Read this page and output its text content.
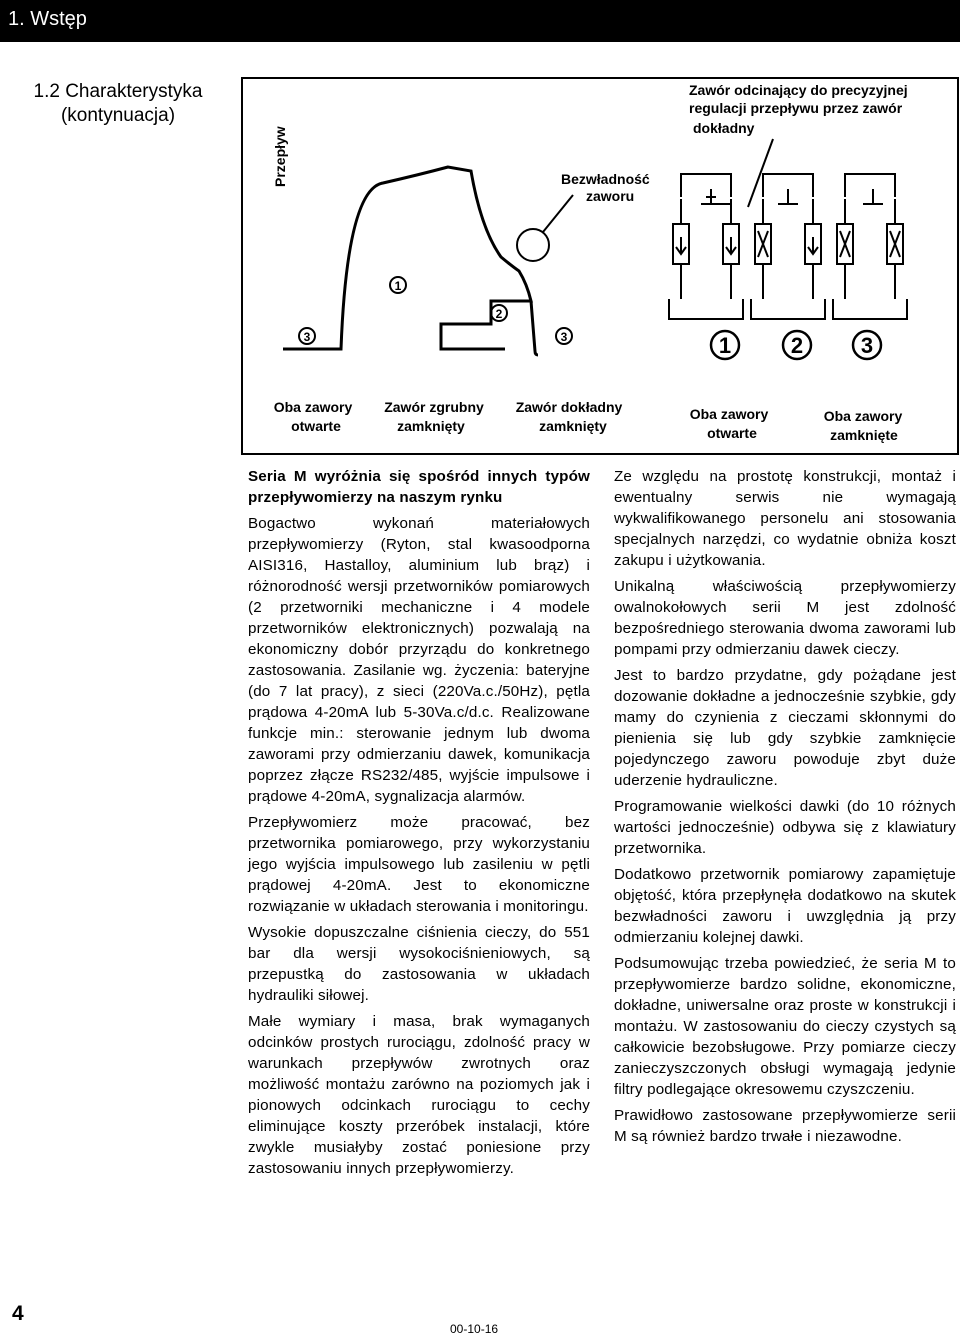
1. Wstęp
1.2 Charakterystyka
(kontynuacja)
Przepływ
1
2
3	3
Bezwładność
zaworu
Zawór odcinający do precyzyjnej
regulacji przepływu przez zawór
dokładny
1	2	3
Oba zawory
otwarte
Zawór zgrubny
zamknięty
Zawór dokładny
zamknięty
Oba zawory
otwarte
Oba zawory
zamknięte

Seria M wyróżnia się spośród innych typów przepływomierzy na naszym rynku

Bogactwo wykonań materiałowych przepływomierzy (Ryton, stal kwasoodporna AISI316, Hastalloy, aluminium lub brąz) i różnorodność wersji przetworników pomiarowych (2 przetworniki mechaniczne i 4 modele przetworników elektronicznych) pozwalają na ekonomiczny dobór przyrządu do konkretnego zastosowania. Zasilanie wg. życzenia: bateryjne (do 7 lat pracy), z sieci (220Va.c./50Hz), pętla prądowa 4-20mA lub 5-30Va.c/d.c. Realizowane funkcje min.: sterowanie jednym lub dwoma zaworami przy odmierzaniu dawek, komunikacja poprzez złącze RS232/485, wyjście impulsowe i prądowe 4-20mA, sygnalizacja alarmów.

Przepływomierz może pracować, bez przetwornika pomiarowego, przy wykorzystaniu jego wyjścia impulsowego lub zasileniu w pętli prądowej 4-20mA. Jest to ekonomiczne rozwiązanie w układach sterowania i monitoringu.

Wysokie dopuszczalne ciśnienia cieczy, do 551 bar dla wersji wysokociśnieniowych, są przepustką do zastosowania w układach hydrauliki siłowej.

Małe wymiary i masa, brak wymaganych odcinków prostych rurociągu, zdolność pracy w warunkach przepływów zwrotnych oraz możliwość montażu zarówno na poziomych jak i pionowych odcinkach rurociągu to cechy eliminujące koszty przeróbek instalacji, które zwykle musiałyby zostać poniesione przy zastosowaniu innych przepływomierzy.

Ze względu na prostotę konstrukcji, montaż i ewentualny serwis nie wymagają wykwalifikowanego personelu ani stosowania specjalnych narzędzi, co wydatnie obniża koszt zakupu i użytkowania.

Unikalną właściwością przepływomierzy owalnokołowych serii M jest zdolność bezpośredniego sterowania dwoma zaworami lub pompami przy odmierzaniu dawek cieczy.

Jest to bardzo przydatne, gdy pożądane jest dozowanie dokładne a jednocześnie szybkie, gdy mamy do czynienia z cieczami skłonnymi do pienienia się lub gdy szybkie zamknięcie pojedynczego zaworu powoduje zbyt duże uderzenie hydrauliczne.

Programowanie wielkości dawki (do 10 różnych wartości jednocześnie) odbywa się z klawiatury przetwornika.

Dodatkowo przetwornik pomiarowy zapamiętuje objętość, która przepłynęła dodatkowo na skutek bezwładności zaworu i uwzględnia ją przy odmierzaniu kolejnej dawki.

Podsumowując trzeba powiedzieć, że seria M to przepływomierze bardzo solidne, ekonomiczne, dokładne, uniwersalne oraz proste w konstrukcji i montażu. W zastosowaniu do cieczy czystych są całkowicie bezobsługowe. Przy pomiarze cieczy zanieczyszczonych obsługi wymagają jedynie filtry podlegające okresowemu czyszczeniu.

Prawidłowo zastosowane przepływomierze serii M są również bardzo trwałe i niezawodne.

4
00-10-16
